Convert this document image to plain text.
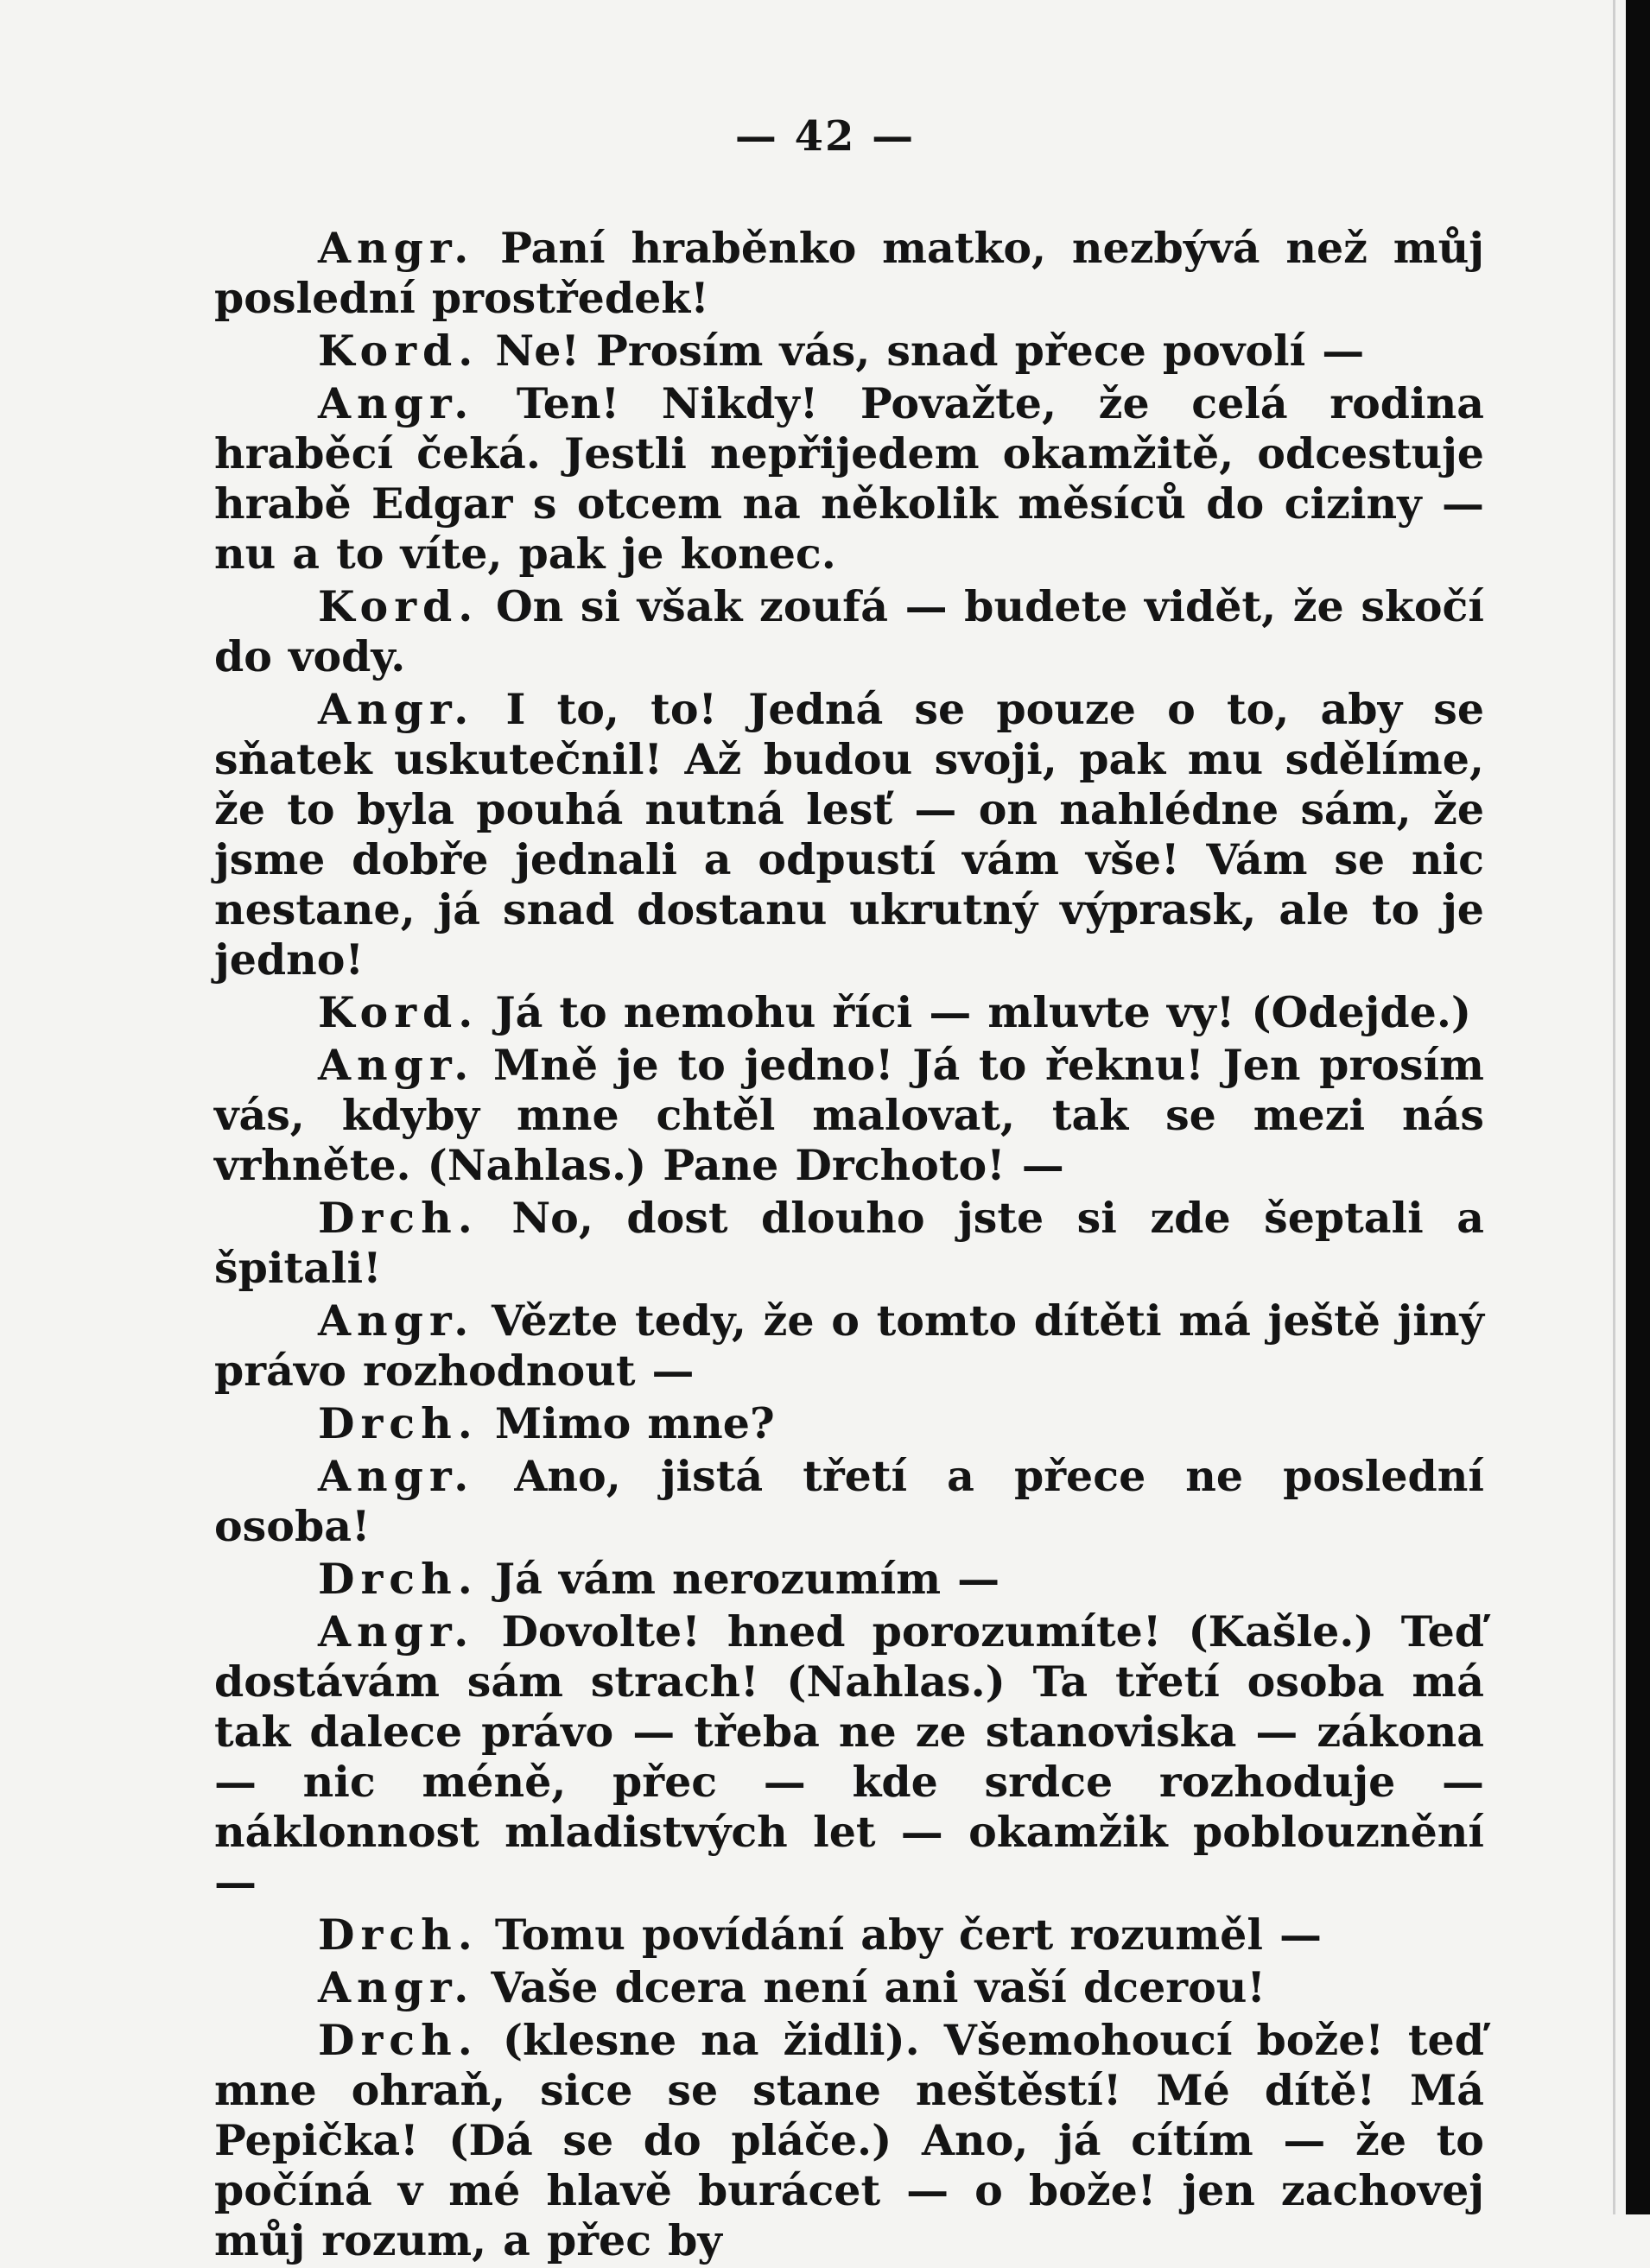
— 42 —

Angr. Paní hraběnko matko, nezbývá než můj poslední prostředek!

Kord. Ne! Prosím vás, snad přece povolí —

Angr. Ten! Nikdy! Považte, že celá rodina hraběcí čeká. Jestli nepřijedem okamžitě, odcestuje hrabě Edgar s otcem na několik měsíců do ciziny — nu a to víte, pak je konec.

Kord. On si však zoufá — budete vidět, že skočí do vody.

Angr. I to, to! Jedná se pouze o to, aby se sňatek uskutečnil! Až budou svoji, pak mu sdělíme, že to byla pouhá nutná lesť — on nahlédne sám, že jsme dobře jednali a odpustí vám vše! Vám se nic nestane, já snad dostanu ukrutný výprask, ale to je jedno!

Kord. Já to nemohu říci — mluvte vy! (Odejde.)

Angr. Mně je to jedno! Já to řeknu! Jen prosím vás, kdyby mne chtěl malovat, tak se mezi nás vrhněte. (Nahlas.) Pane Drchoto! —

Drch. No, dost dlouho jste si zde šeptali a špitali!

Angr. Vězte tedy, že o tomto dítěti má ještě jiný právo rozhodnout —

Drch. Mimo mne?

Angr. Ano, jistá třetí a přece ne poslední osoba!

Drch. Já vám nerozumím —

Angr. Dovolte! hned porozumíte! (Kašle.) Teď dostávám sám strach! (Nahlas.) Ta třetí osoba má tak dalece právo — třeba ne ze stanoviska — zákona — nic méně, přec — kde srdce rozhoduje — náklonnost mladistvých let — okamžik poblouznění —

Drch. Tomu povídání aby čert rozuměl —

Angr. Vaše dcera není ani vaší dcerou!

Drch. (klesne na židli). Všemohoucí bože! teď mne ohraň, sice se stane neštěstí! Mé dítě! Má Pepička! (Dá se do pláče.) Ano, já cítím — že to počíná v mé hlavě burácet — o bože! jen zachovej můj rozum, a přec by
